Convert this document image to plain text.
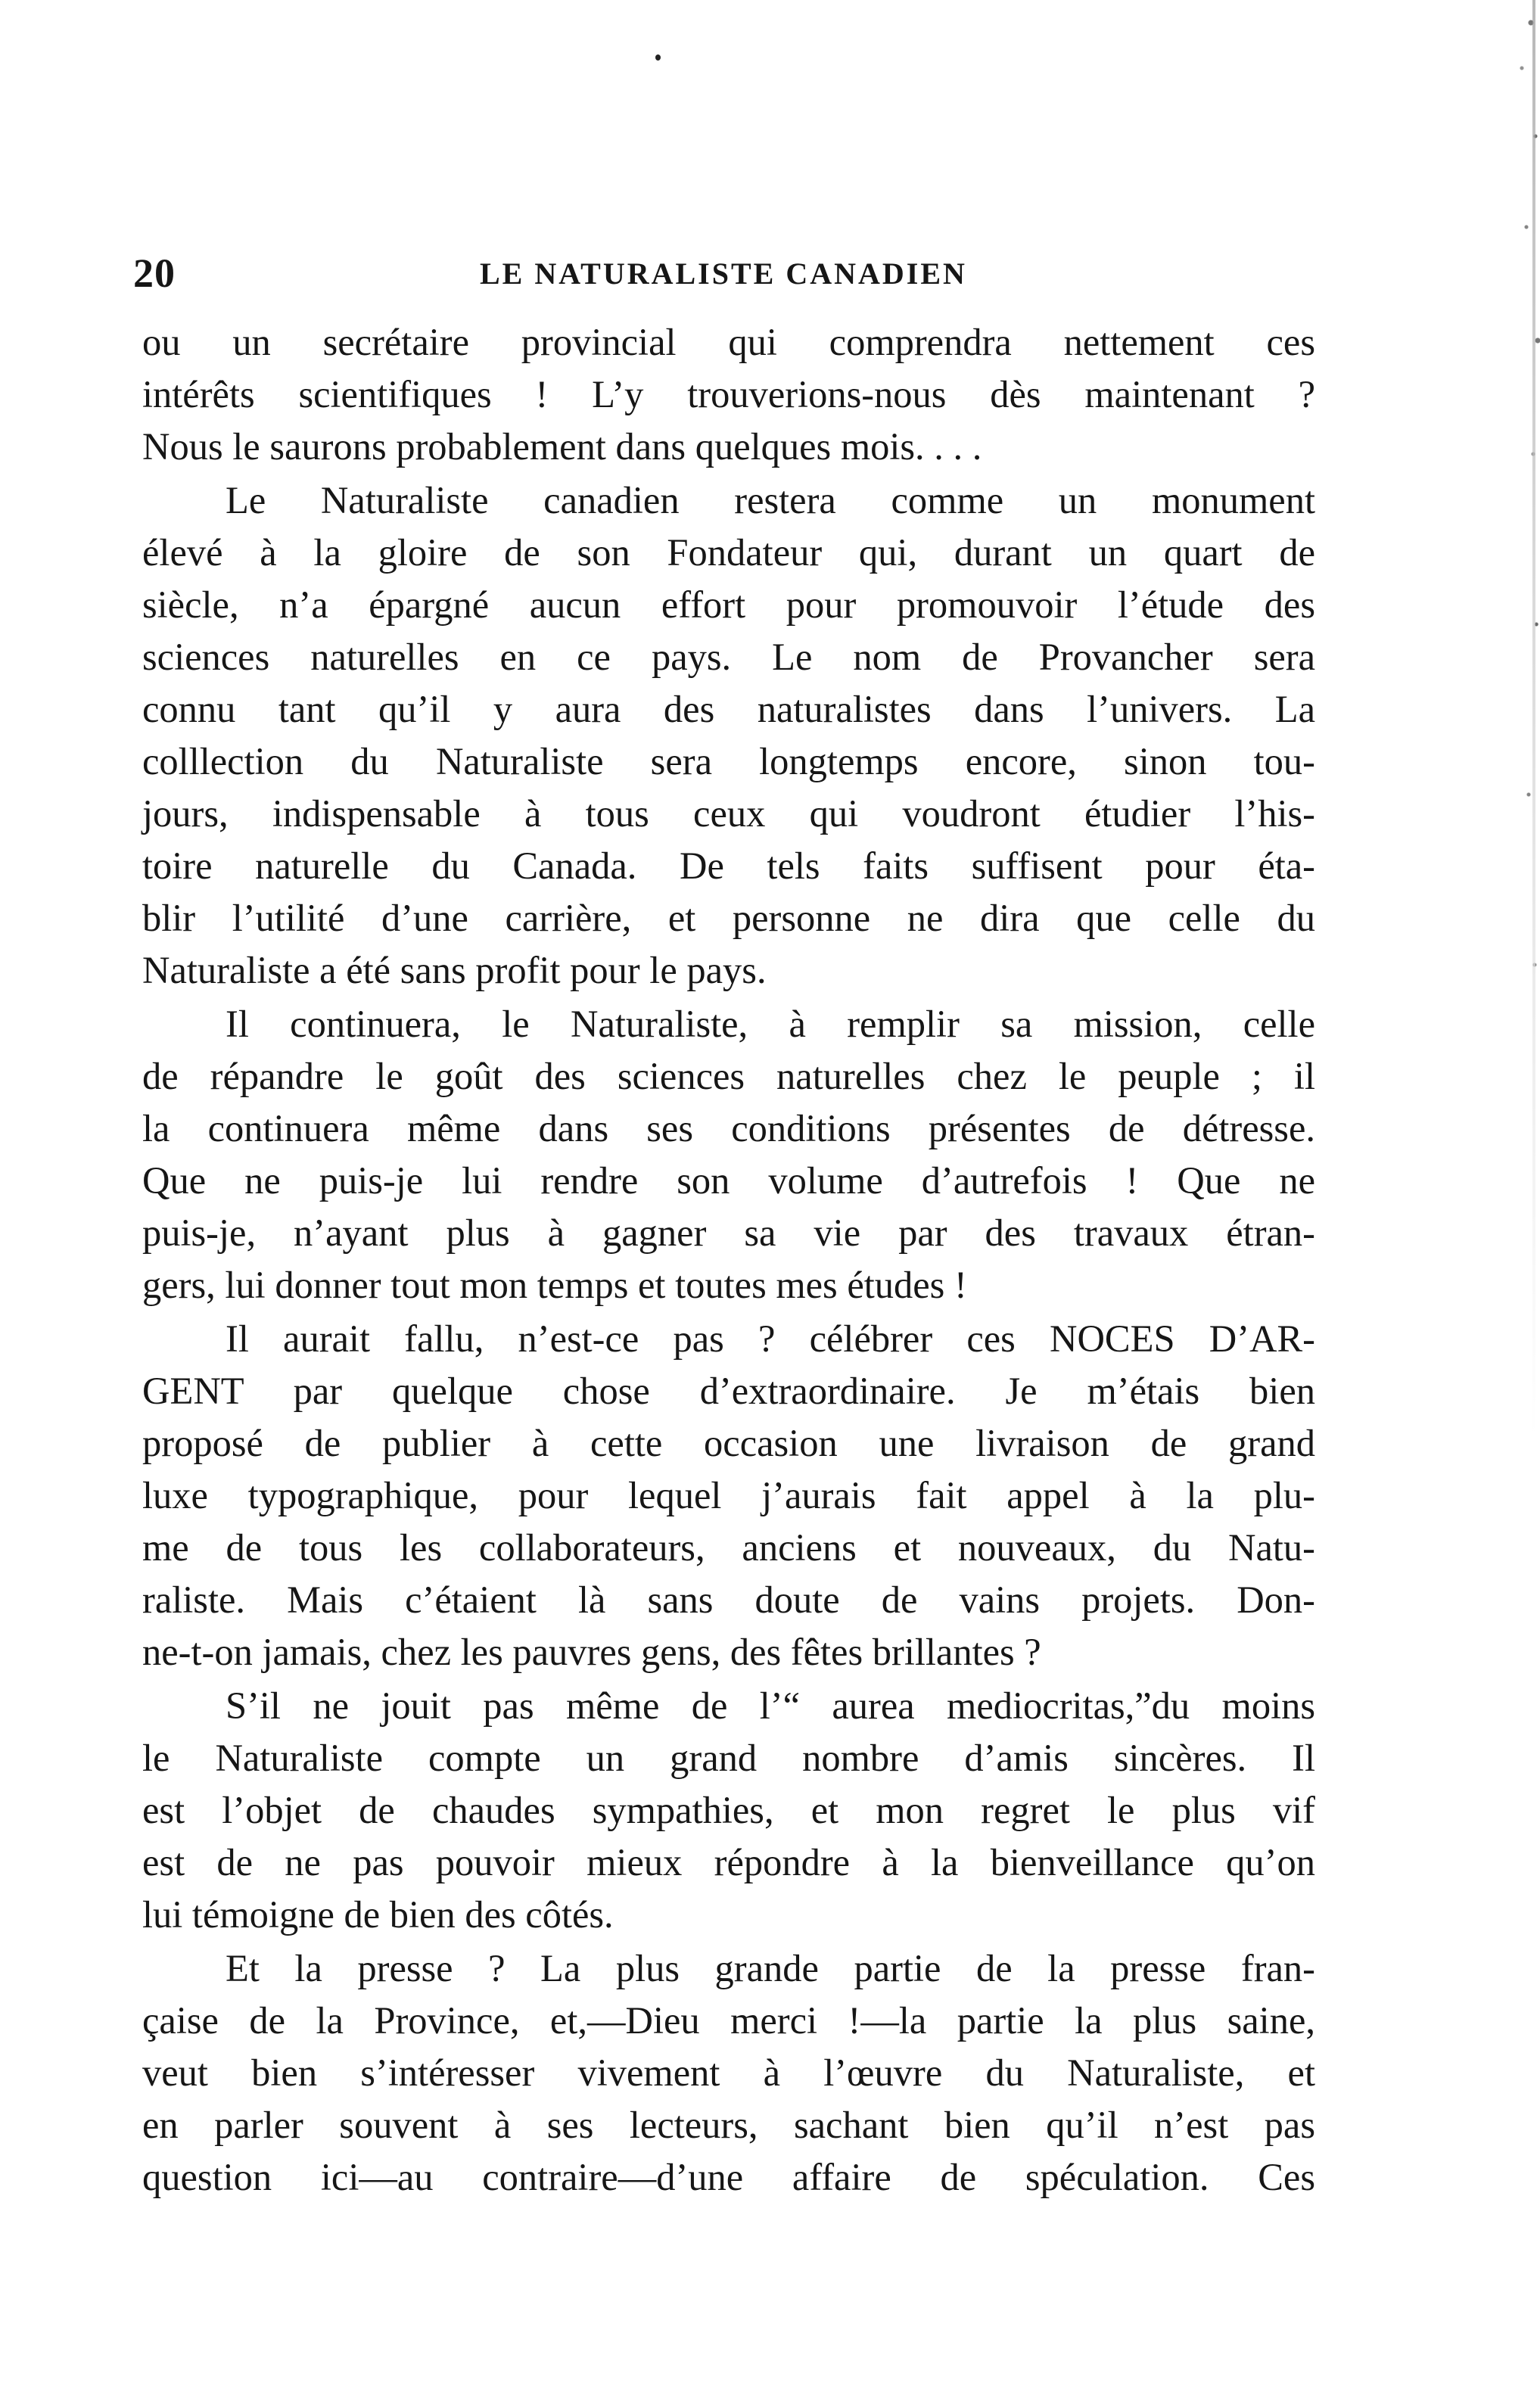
20	LE NATURALISTE CANADIEN
ou un secrétaire provincial qui comprendra nettement ces
intérêts scientifiques ! L’y trouverions-nous dès maintenant ?
Nous le saurons probablement dans quelques mois. . . .
Le Naturaliste canadien restera comme un monument
élevé à la gloire de son Fondateur qui, durant un quart de
siècle, n’a épargné aucun effort pour promouvoir l’étude des
sciences naturelles en ce pays. Le nom de Provancher sera
connu tant qu’il y aura des naturalistes dans l’univers. La
colllection du Naturaliste sera longtemps encore, sinon tou-
jours, indispensable à tous ceux qui voudront étudier l’his-
toire naturelle du Canada. De tels faits suffisent pour éta-
blir l’utilité d’une carrière, et personne ne dira que celle du
Naturaliste a été sans profit pour le pays.
Il continuera, le Naturaliste, à remplir sa mission, celle
de répandre le goût des sciences naturelles chez le peuple ; il
la continuera même dans ses conditions présentes de détresse.
Que ne puis-je lui rendre son volume d’autrefois ! Que ne
puis-je, n’ayant plus à gagner sa vie par des travaux étran-
gers, lui donner tout mon temps et toutes mes études !
Il aurait fallu, n’est-ce pas ? célébrer ces NOCES D’AR-
GENT par quelque chose d’extraordinaire. Je m’étais bien
proposé de publier à cette occasion une livraison de grand
luxe typographique, pour lequel j’aurais fait appel à la plu-
me de tous les collaborateurs, anciens et nouveaux, du Natu-
raliste. Mais c’étaient là sans doute de vains projets. Don-
ne-t-on jamais, chez les pauvres gens, des fêtes brillantes ?
S’il ne jouit pas même de l’“ aurea mediocritas,”du moins
le Naturaliste compte un grand nombre d’amis sincères. Il
est l’objet de chaudes sympathies, et mon regret le plus vif
est de ne pas pouvoir mieux répondre à la bienveillance qu’on
lui témoigne de bien des côtés.
Et la presse ? La plus grande partie de la presse fran-
çaise de la Province, et,—Dieu merci !—la partie la plus saine,
veut bien s’intéresser vivement à l’œuvre du Naturaliste, et
en parler souvent à ses lecteurs, sachant bien qu’il n’est pas
question ici—au contraire—d’une affaire de spéculation. Ces
